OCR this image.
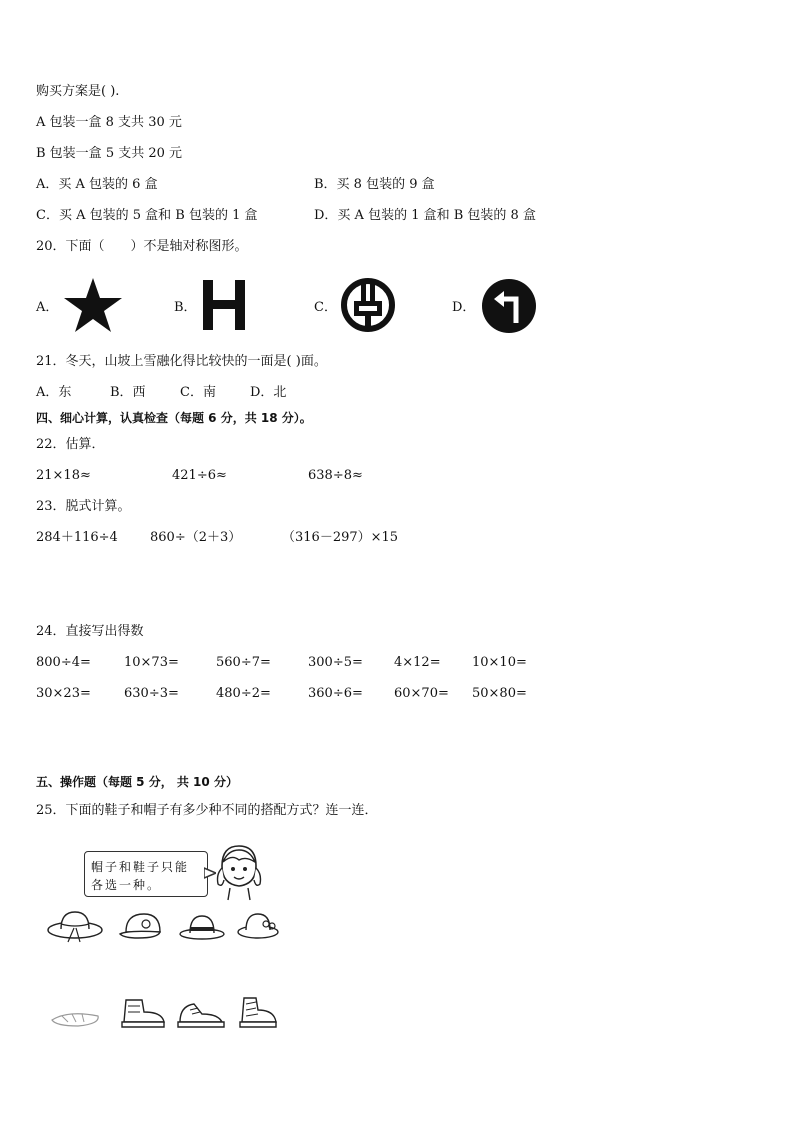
购买方案是( ).
A 包装一盒 8 支共 30 元
B 包装一盒 5 支共 20 元
A．买 A 包装的 6 盒	B．买 8 包装的 9 盒
C．买 A 包装的 5 盒和 B 包装的 1 盒	D．买 A 包装的 1 盒和 B 包装的 8 盒
20．下面（　　）不是轴对称图形。
A．	B．	C．	D．
21．冬天，山坡上雪融化得比较快的一面是( )面。
A．东	B．西	C．南	D．北
四、细心计算，认真检查（每题 6 分，共 18 分）。
22．估算．
21×18≈	421÷6≈	638÷8≈
23．脱式计算。
284＋116÷4 860÷（2＋3）	（316－297）×15
24．直接写出得数
800÷4=	10×73=	560÷7=	300÷5= 4×12= 10×10=
30×23=	630÷3=	480÷2=	360÷6= 60×70= 50×80=
五、操作题（每题 5 分， 共 10 分）
25．下面的鞋子和帽子有多少种不同的搭配方式？连一连．
帽子和鞋子只能
各选一种。
